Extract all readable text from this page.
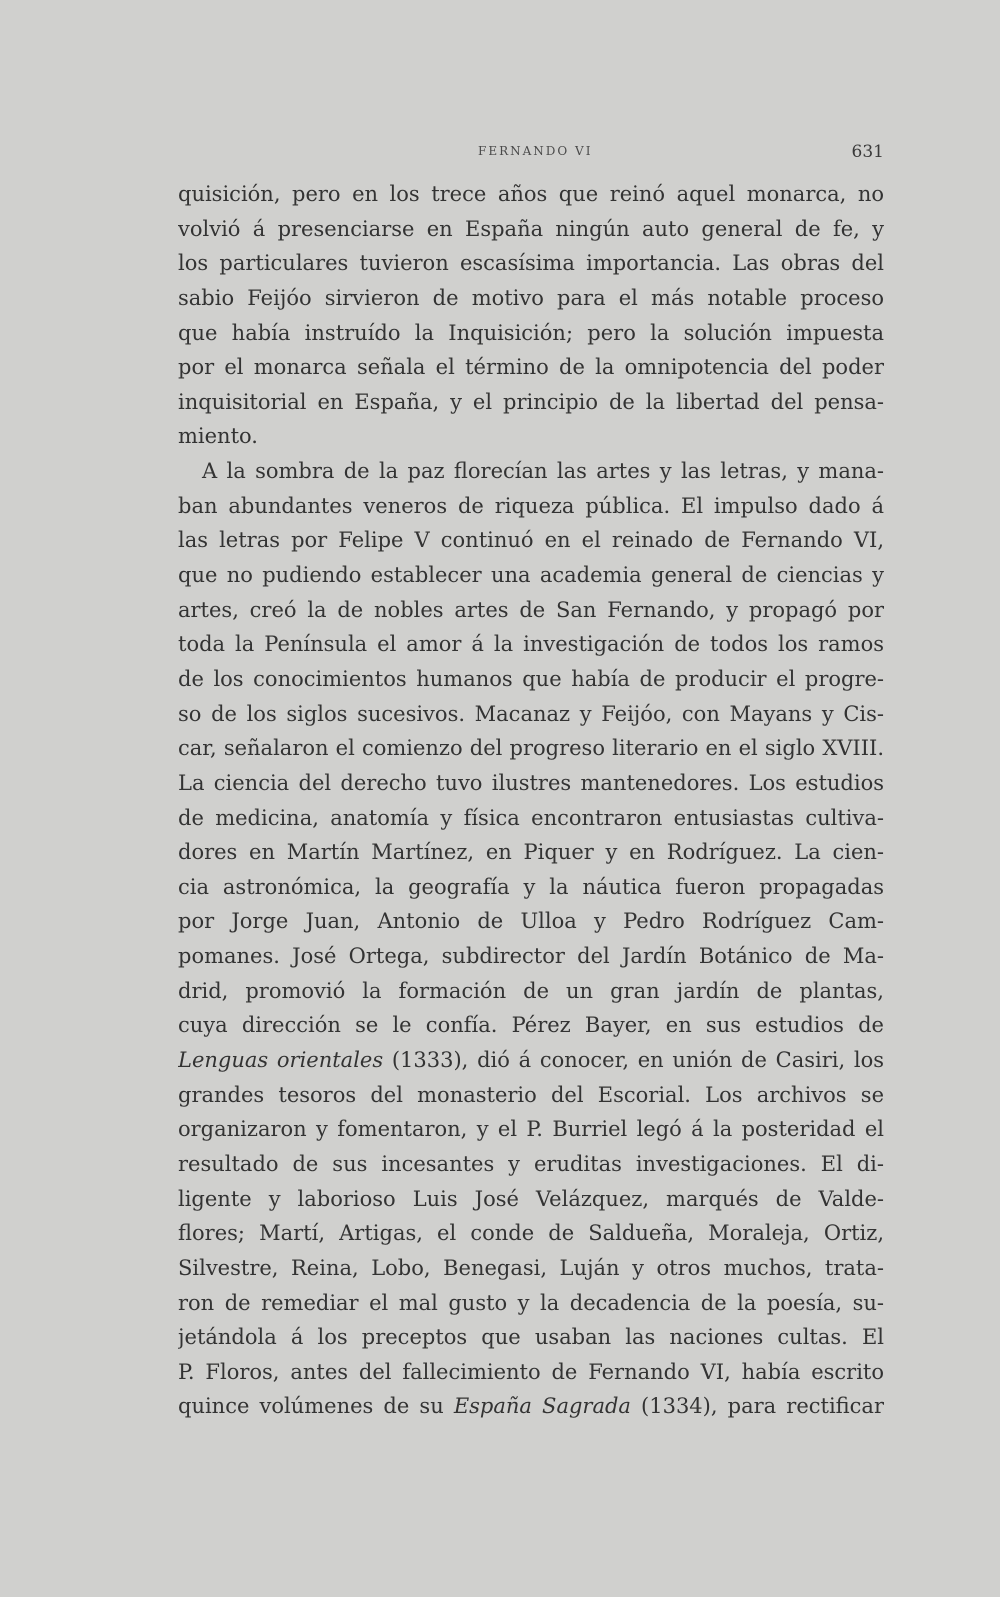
FERNANDO VI	631
quisición, pero en los trece años que reinó aquel monarca, no
volvió á presenciarse en España ningún auto general de fe, y
los particulares tuvieron escasísima importancia. Las obras del
sabio Feijóo sirvieron de motivo para el más notable proceso
que había instruído la Inquisición; pero la solución impuesta
por el monarca señala el término de la omnipotencia del poder
inquisitorial en España, y el principio de la libertad del pensa-
miento.
A la sombra de la paz florecían las artes y las letras, y mana-
ban abundantes veneros de riqueza pública. El impulso dado á
las letras por Felipe V continuó en el reinado de Fernando VI,
que no pudiendo establecer una academia general de ciencias y
artes, creó la de nobles artes de San Fernando, y propagó por
toda la Península el amor á la investigación de todos los ramos
de los conocimientos humanos que había de producir el progre-
so de los siglos sucesivos. Macanaz y Feijóo, con Mayans y Cis-
car, señalaron el comienzo del progreso literario en el siglo XVIII.
La ciencia del derecho tuvo ilustres mantenedores. Los estudios
de medicina, anatomía y física encontraron entusiastas cultiva-
dores en Martín Martínez, en Piquer y en Rodríguez. La cien-
cia astronómica, la geografía y la náutica fueron propagadas
por Jorge Juan, Antonio de Ulloa y Pedro Rodríguez Cam-
pomanes. José Ortega, subdirector del Jardín Botánico de Ma-
drid, promovió la formación de un gran jardín de plantas,
cuya dirección se le confía. Pérez Bayer, en sus estudios de
Lenguas orientales (1333), dió á conocer, en unión de Casiri, los
grandes tesoros del monasterio del Escorial. Los archivos se
organizaron y fomentaron, y el P. Burriel legó á la posteridad el
resultado de sus incesantes y eruditas investigaciones. El di-
ligente y laborioso Luis José Velázquez, marqués de Valde-
flores; Martí, Artigas, el conde de Saldueña, Moraleja, Ortiz,
Silvestre, Reina, Lobo, Benegasi, Luján y otros muchos, trata-
ron de remediar el mal gusto y la decadencia de la poesía, su-
jetándola á los preceptos que usaban las naciones cultas. El
P. Floros, antes del fallecimiento de Fernando VI, había escrito
quince volúmenes de su España Sagrada (1334), para rectificar
